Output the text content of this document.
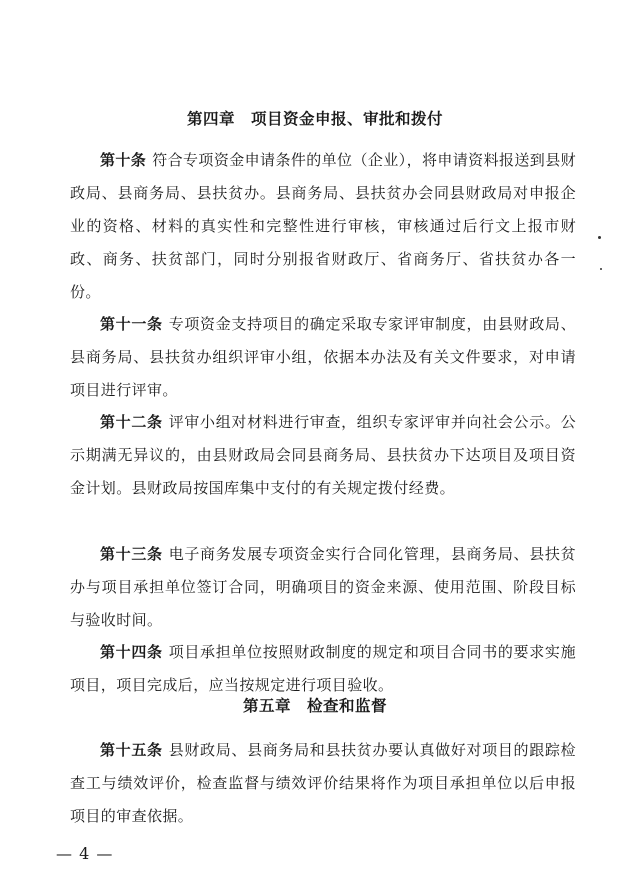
第四章　项目资金申报、审批和拨付

第十条 符合专项资金申请条件的单位（企业），将申请资料报送到县财政局、县商务局、县扶贫办。县商务局、县扶贫办会同县财政局对申报企业的资格、材料的真实性和完整性进行审核，审核通过后行文上报市财政、商务、扶贫部门，同时分别报省财政厅、省商务厅、省扶贫办各一份。

第十一条 专项资金支持项目的确定采取专家评审制度，由县财政局、县商务局、县扶贫办组织评审小组，依据本办法及有关文件要求，对申请项目进行评审。

第十二条 评审小组对材料进行审查，组织专家评审并向社会公示。公示期满无异议的，由县财政局会同县商务局、县扶贫办下达项目及项目资金计划。县财政局按国库集中支付的有关规定拨付经费。

第十三条 电子商务发展专项资金实行合同化管理，县商务局、县扶贫办与项目承担单位签订合同，明确项目的资金来源、使用范围、阶段目标与验收时间。

第十四条 项目承担单位按照财政制度的规定和项目合同书的要求实施项目，项目完成后，应当按规定进行项目验收。

第五章　检查和监督

第十五条 县财政局、县商务局和县扶贫办要认真做好对项目的跟踪检查工与绩效评价，检查监督与绩效评价结果将作为项目承担单位以后申报项目的审查依据。

— 4 —
